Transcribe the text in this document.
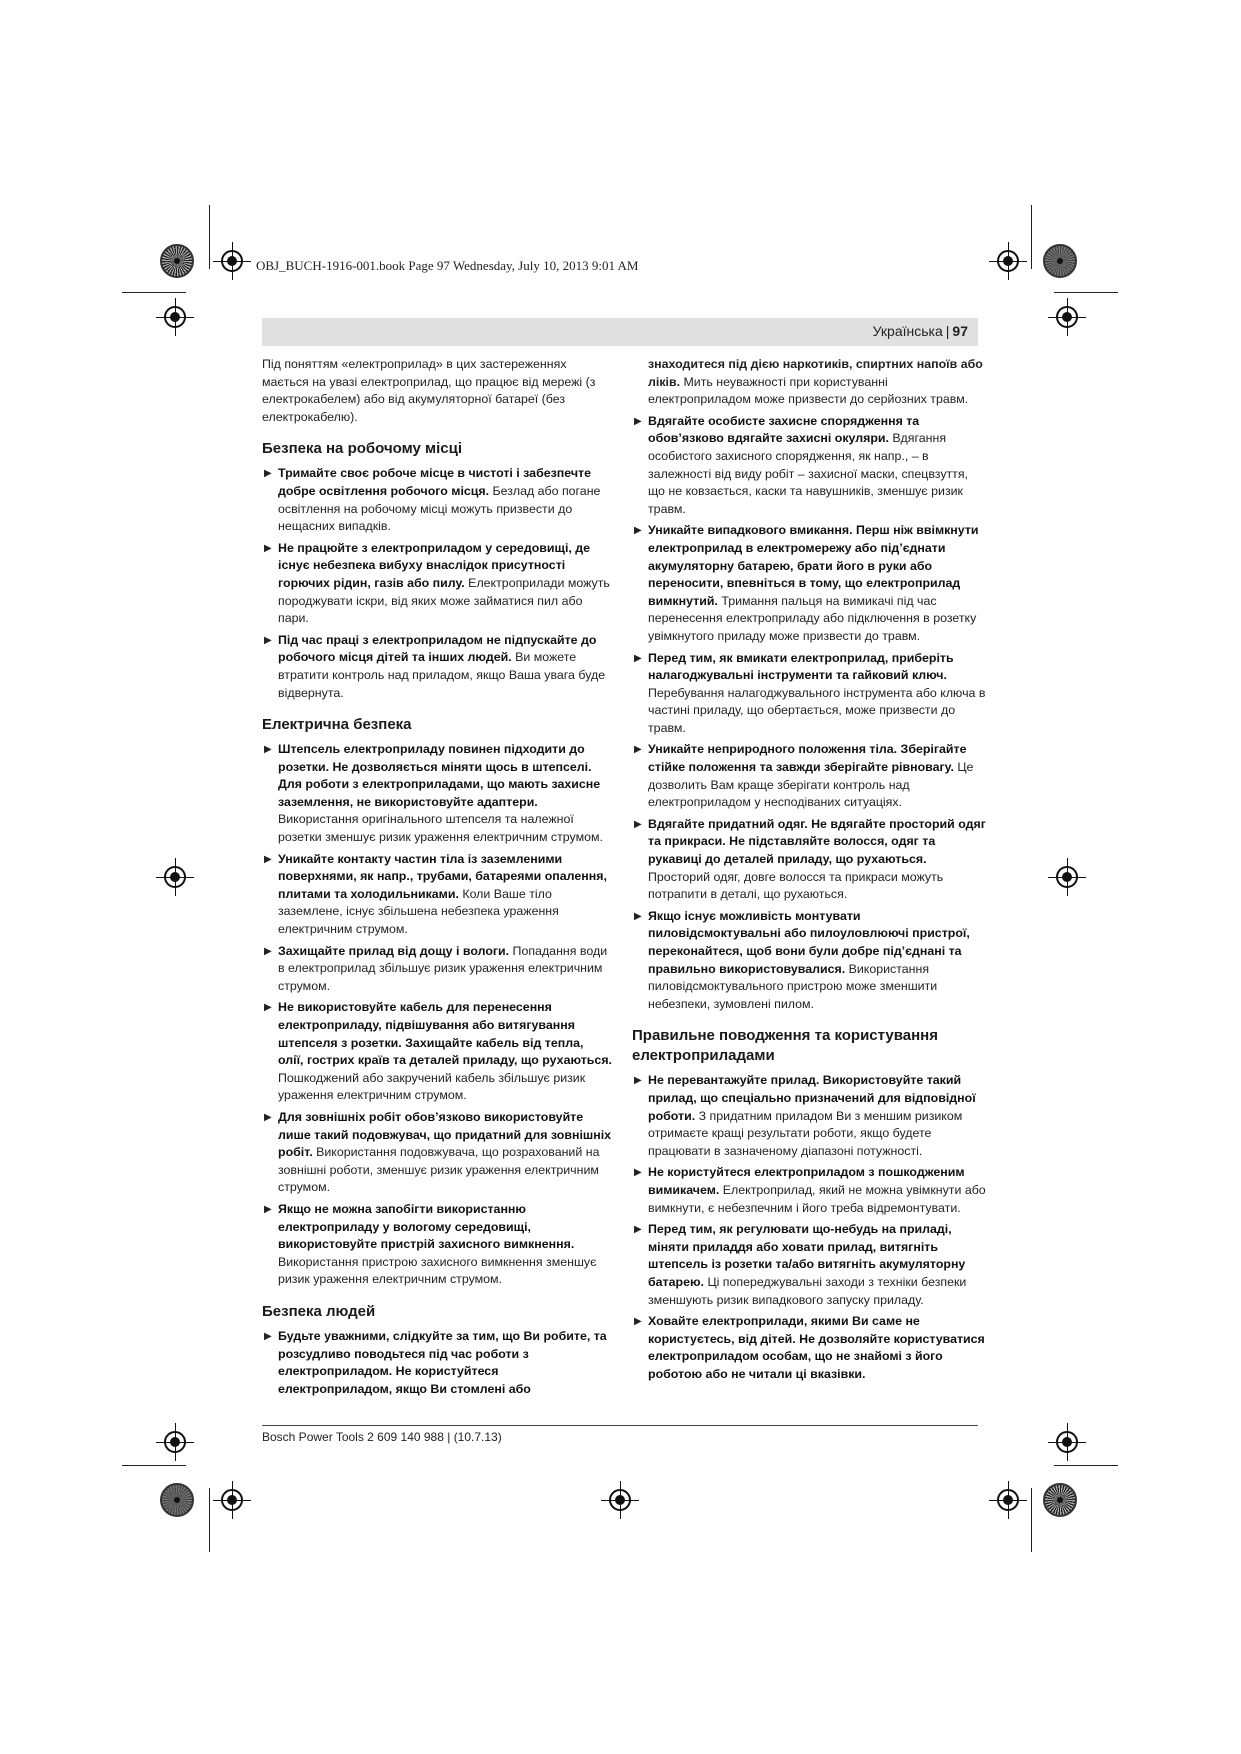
OBJ_BUCH-1916-001.book Page 97 Wednesday, July 10, 2013 9:01 AM
Українська | 97

Під поняттям «електроприлад» в цих застереженнях мається на увазі електроприлад, що працює від мережі (з електрокабелем) або від акумуляторної батареї (без електрокабелю).

Безпека на робочому місці
▶ Тримайте своє робоче місце в чистоті і забезпечте добре освітлення робочого місця. Безлад або погане освітлення на робочому місці можуть призвести до нещасних випадків.
▶ Не працюйте з електроприладом у середовищі, де існує небезпека вибуху внаслідок присутності горючих рідин, газів або пилу. Електроприлади можуть породжувати іскри, від яких може займатися пил або пари.
▶ Під час праці з електроприладом не підпускайте до робочого місця дітей та інших людей. Ви можете втратити контроль над приладом, якщо Ваша увага буде відвернута.
Електрична безпека
▶ Штепсель електроприладу повинен підходити до розетки. Не дозволяється міняти щось в штепселі. Для роботи з електроприладами, що мають захисне заземлення, не використовуйте адаптери. Використання оригінального штепселя та належної розетки зменшує ризик ураження електричним струмом.
▶ Уникайте контакту частин тіла із заземленими поверхнями, як напр., трубами, батареями опалення, плитами та холодильниками. Коли Ваше тіло заземлене, існує збільшена небезпека ураження електричним струмом.
▶ Захищайте прилад від дощу і вологи. Попадання води в електроприлад збільшує ризик ураження електричним струмом.
▶ Не використовуйте кабель для перенесення електроприладу, підвішування або витягування штепселя з розетки. Захищайте кабель від тепла, олії, гострих країв та деталей приладу, що рухаються. Пошкоджений або закручений кабель збільшує ризик ураження електричним струмом.
▶ Для зовнішніх робіт обов’язково використовуйте лише такий подовжувач, що придатний для зовнішніх робіт. Використання подовжувача, що розрахований на зовнішні роботи, зменшує ризик ураження електричним струмом.
▶ Якщо не можна запобігти використанню електроприладу у вологому середовищі, використовуйте пристрій захисного вимкнення. Використання пристрою захисного вимкнення зменшує ризик ураження електричним струмом.
Безпека людей
▶ Будьте уважними, слідкуйте за тим, що Ви робите, та розсудливо поводьтеся під час роботи з електроприладом. Не користуйтеся електроприладом, якщо Ви стомлені або
знаходитеся під дією наркотиків, спиртних напоїв або ліків. Мить неуважності при користуванні електроприладом може призвести до серйозних травм.
▶ Вдягайте особисте захисне спорядження та обов’язково вдягайте захисні окуляри. Вдягання особистого захисного спорядження, як напр., – в залежності від виду робіт – захисної маски, спецвзуття, що не ковзається, каски та навушників, зменшує ризик травм.
▶ Уникайте випадкового вмикання. Перш ніж ввімкнути електроприлад в електромережу або під’єднати акумуляторну батарею, брати його в руки або переносити, впевніться в тому, що електроприлад вимкнутий. Тримання пальця на вимикачі під час перенесення електроприладу або підключення в розетку увімкнутого приладу може призвести до травм.
▶ Перед тим, як вмикати електроприлад, приберіть налагоджувальні інструменти та гайковий ключ. Перебування налагоджувального інструмента або ключа в частині приладу, що обертається, може призвести до травм.
▶ Уникайте неприродного положення тіла. Зберігайте стійке положення та завжди зберігайте рівновагу. Це дозволить Вам краще зберігати контроль над електроприладом у несподіваних ситуаціях.
▶ Вдягайте придатний одяг. Не вдягайте просторий одяг та прикраси. Не підставляйте волосся, одяг та рукавиці до деталей приладу, що рухаються. Просторий одяг, довге волосся та прикраси можуть потрапити в деталі, що рухаються.
▶ Якщо існує можливість монтувати пиловідсмоктувальні або пилоуловлюючі пристрої, переконайтеся, щоб вони були добре під’єднані та правильно використовувалися. Використання пиловідсмоктувального пристрою може зменшити небезпеки, зумовлені пилом.
Правильне поводження та користування електроприладами
▶ Не перевантажуйте прилад. Використовуйте такий прилад, що спеціально призначений для відповідної роботи. З придатним приладом Ви з меншим ризиком отримаєте кращі результати роботи, якщо будете працювати в зазначеному діапазоні потужності.
▶ Не користуйтеся електроприладом з пошкодженим вимикачем. Електроприлад, який не можна увімкнути або вимкнути, є небезпечним і його треба відремонтувати.
▶ Перед тим, як регулювати що-небудь на приладі, міняти приладдя або ховати прилад, витягніть штепсель із розетки та/або витягніть акумуляторну батарею. Ці попереджувальні заходи з техніки безпеки зменшують ризик випадкового запуску приладу.
▶ Ховайте електроприлади, якими Ви саме не користуєтесь, від дітей. Не дозволяйте користуватися електроприладом особам, що не знайомі з його роботою або не читали ці вказівки.
Bosch Power Tools 2 609 140 988 | (10.7.13)
